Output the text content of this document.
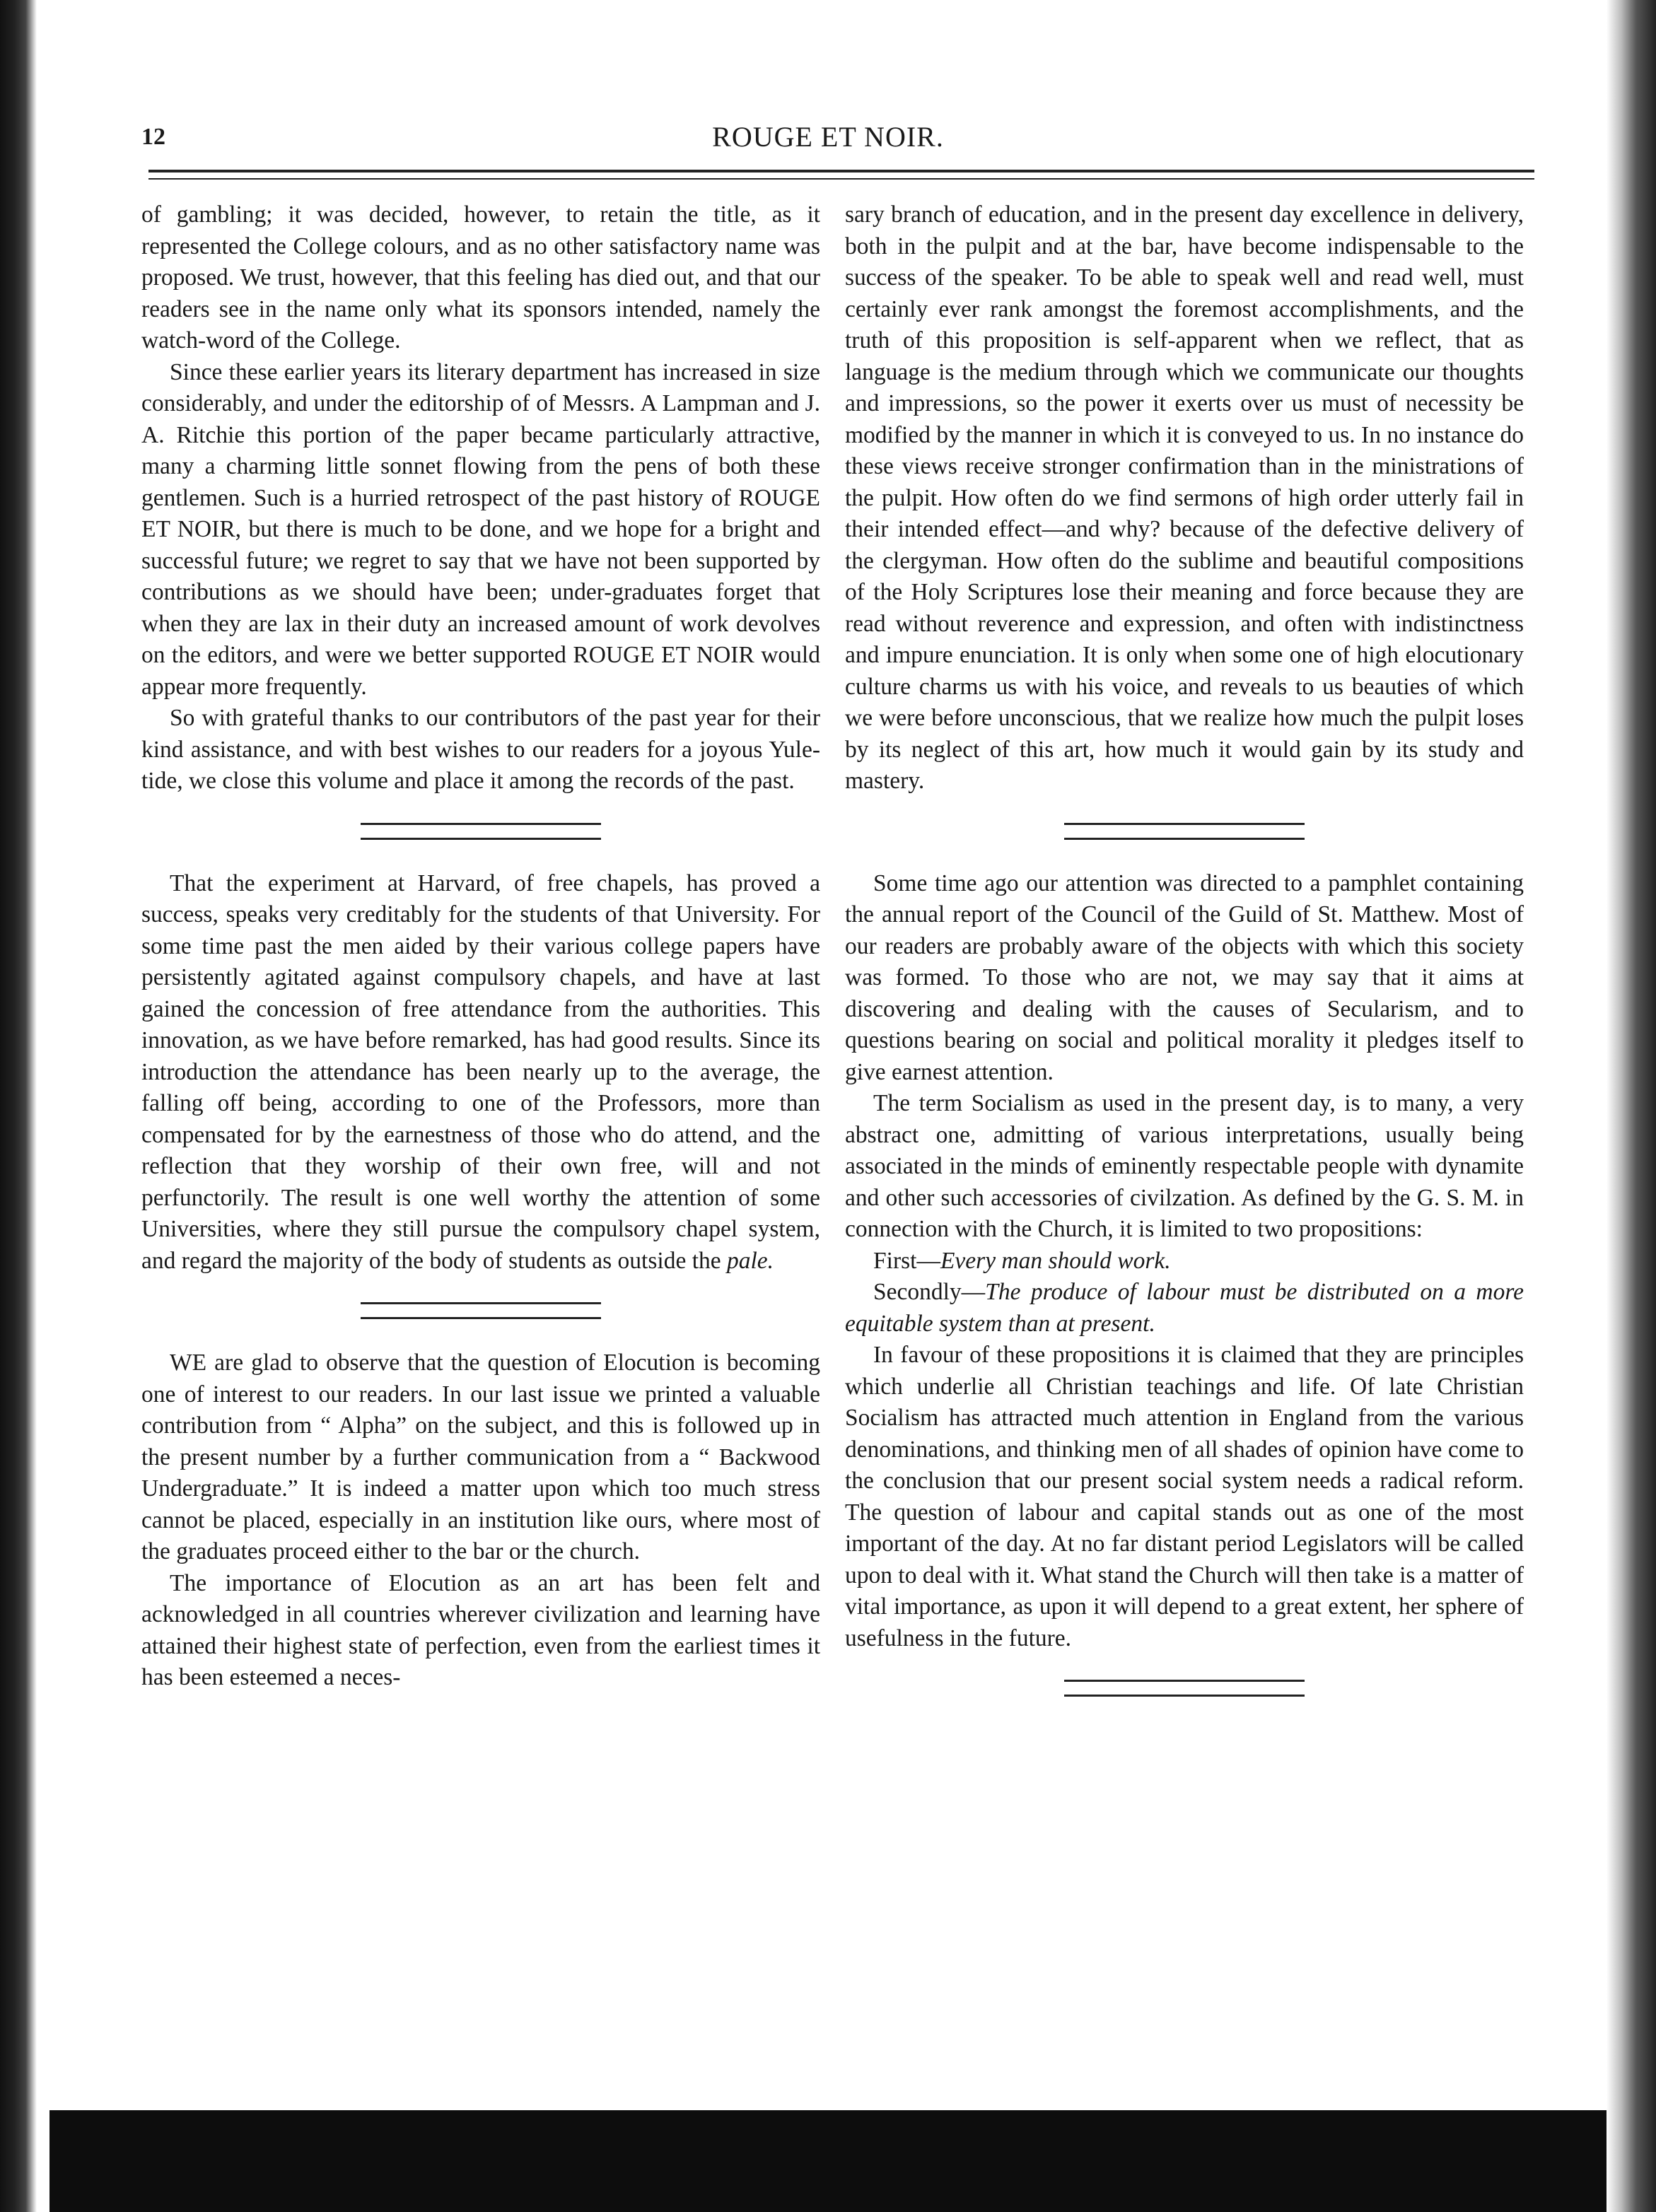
12	ROUGE ET NOIR.

of gambling; it was decided, however, to retain the title, as it represented the College colours, and as no other satisfactory name was proposed. We trust, however, that this feeling has died out, and that our readers see in the name only what its sponsors intended, namely the watch-word of the College.

Since these earlier years its literary department has increased in size considerably, and under the editorship of of Messrs. A Lampman and J. A. Ritchie this portion of the paper became particularly attractive, many a charming little sonnet flowing from the pens of both these gentlemen. Such is a hurried retrospect of the past history of ROUGE ET NOIR, but there is much to be done, and we hope for a bright and successful future; we regret to say that we have not been supported by contributions as we should have been; under-graduates forget that when they are lax in their duty an increased amount of work devolves on the editors, and were we better supported ROUGE ET NOIR would appear more frequently.

So with grateful thanks to our contributors of the past year for their kind assistance, and with best wishes to our readers for a joyous Yule-tide, we close this volume and place it among the records of the past.

That the experiment at Harvard, of free chapels, has proved a success, speaks very creditably for the students of that University. For some time past the men aided by their various college papers have persistently agitated against compulsory chapels, and have at last gained the concession of free attendance from the authorities. This innovation, as we have before remarked, has had good results. Since its introduction the attendance has been nearly up to the average, the falling off being, according to one of the Professors, more than compensated for by the earnestness of those who do attend, and the reflection that they worship of their own free, will and not perfunctorily. The result is one well worthy the attention of some Universities, where they still pursue the compulsory chapel system, and regard the majority of the body of students as outside the pale.

WE are glad to observe that the question of Elocution is becoming one of interest to our readers. In our last issue we printed a valuable contribution from “ Alpha” on the subject, and this is followed up in the present number by a further communication from a “ Backwood Undergraduate.” It is indeed a matter upon which too much stress cannot be placed, especially in an institution like ours, where most of the graduates proceed either to the bar or the church.

The importance of Elocution as an art has been felt and acknowledged in all countries wherever civilization and learning have attained their highest state of perfection, even from the earliest times it has been esteemed a neces-

sary branch of education, and in the present day excellence in delivery, both in the pulpit and at the bar, have become indispensable to the success of the speaker. To be able to speak well and read well, must certainly ever rank amongst the foremost accomplishments, and the truth of this proposition is self-apparent when we reflect, that as language is the medium through which we communicate our thoughts and impressions, so the power it exerts over us must of necessity be modified by the manner in which it is conveyed to us. In no instance do these views receive stronger confirmation than in the ministrations of the pulpit. How often do we find sermons of high order utterly fail in their intended effect—and why? because of the defective delivery of the clergyman. How often do the sublime and beautiful compositions of the Holy Scriptures lose their meaning and force because they are read without reverence and expression, and often with indistinctness and impure enunciation. It is only when some one of high elocutionary culture charms us with his voice, and reveals to us beauties of which we were before unconscious, that we realize how much the pulpit loses by its neglect of this art, how much it would gain by its study and mastery.

Some time ago our attention was directed to a pamphlet containing the annual report of the Council of the Guild of St. Matthew. Most of our readers are probably aware of the objects with which this society was formed. To those who are not, we may say that it aims at discovering and dealing with the causes of Secularism, and to questions bearing on social and political morality it pledges itself to give earnest attention.

The term Socialism as used in the present day, is to many, a very abstract one, admitting of various interpretations, usually being associated in the minds of eminently respectable people with dynamite and other such accessories of civilzation. As defined by the G. S. M. in connection with the Church, it is limited to two propositions:

First—Every man should work.

Secondly—The produce of labour must be distributed on a more equitable system than at present.

In favour of these propositions it is claimed that they are principles which underlie all Christian teachings and life. Of late Christian Socialism has attracted much attention in England from the various denominations, and thinking men of all shades of opinion have come to the conclusion that our present social system needs a radical reform. The question of labour and capital stands out as one of the most important of the day. At no far distant period Legislators will be called upon to deal with it. What stand the Church will then take is a matter of vital importance, as upon it will depend to a great extent, her sphere of usefulness in the future.
